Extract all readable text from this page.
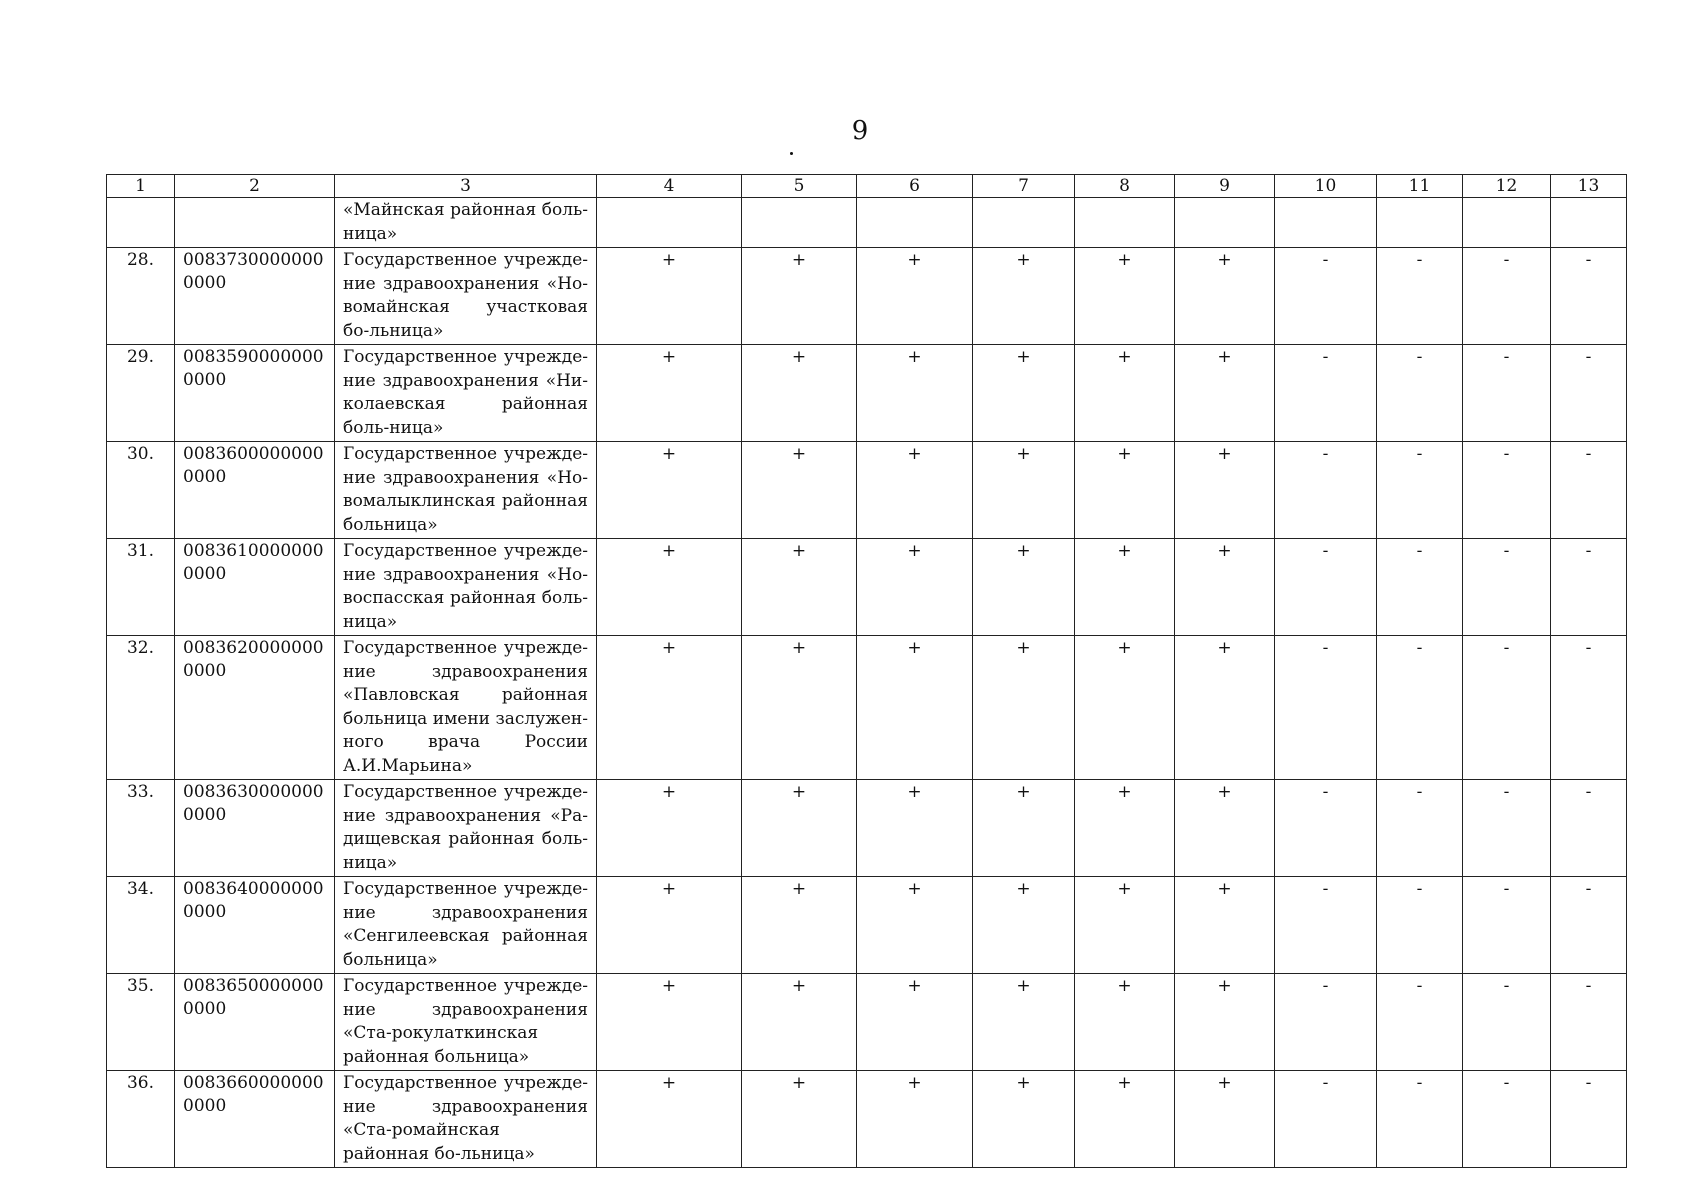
9
1	2	3	4	5	6	7	8	9	10	11	12	13
		«Майнская районная боль-ница»										
28.	00837300000000000	Государственное учрежде-ние здравоохранения «Но-вомайнская участковая бо-льница»	+	+	+	+	+	+	-	-	-	-
29.	00835900000000000	Государственное учрежде-ние здравоохранения «Ни-колаевская районная боль-ница»	+	+	+	+	+	+	-	-	-	-
30.	00836000000000000	Государственное учрежде-ние здравоохранения «Но-вомалыклинская районная больница»	+	+	+	+	+	+	-	-	-	-
31.	00836100000000000	Государственное учрежде-ние здравоохранения «Но-воспасская районная боль-ница»	+	+	+	+	+	+	-	-	-	-
32.	00836200000000000	Государственное учрежде-ние здравоохранения «Павловская районная больница имени заслужен-ного врача России А.И.Марьина»	+	+	+	+	+	+	-	-	-	-
33.	00836300000000000	Государственное учрежде-ние здравоохранения «Ра-дищевская районная боль-ница»	+	+	+	+	+	+	-	-	-	-
34.	00836400000000000	Государственное учрежде-ние здравоохранения «Сенгилеевская районная больница»	+	+	+	+	+	+	-	-	-	-
35.	00836500000000000	Государственное учрежде-ние здравоохранения «Ста-рокулаткинская районная больница»	+	+	+	+	+	+	-	-	-	-
36.	00836600000000000	Государственное учрежде-ние здравоохранения «Ста-ромайнская районная бо-льница»	+	+	+	+	+	+	-	-	-	-
